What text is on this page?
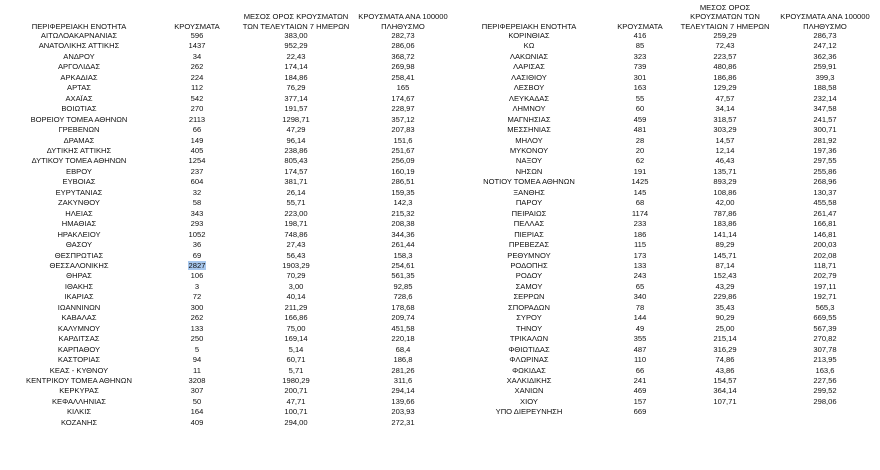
ΠΕΡΙΦΕΡΕΙΑΚΗ ΕΝΟΤΗΤΑ	ΚΡΟΥΣΜΑΤΑ	ΜΕΣΟΣ ΟΡΟΣ ΚΡΟΥΣΜΑΤΩΝ ΤΩΝ ΤΕΛΕΥΤΑΙΩΝ 7 ΗΜΕΡΩΝ	ΚΡΟΥΣΜΑΤΑ ΑΝΑ 100000 ΠΛΗΘΥΣΜΟ	ΠΕΡΙΦΕΡΕΙΑΚΗ ΕΝΟΤΗΤΑ	ΚΡΟΥΣΜΑΤΑ	ΜΕΣΟΣ ΟΡΟΣ ΚΡΟΥΣΜΑΤΩΝ ΤΩΝ ΤΕΛΕΥΤΑΙΩΝ 7 ΗΜΕΡΩΝ	ΚΡΟΥΣΜΑΤΑ ΑΝΑ 100000 ΠΛΗΘΥΣΜΟ
ΑΙΤΩΛΟΑΚΑΡΝΑΝΙΑΣ	596	383,00	282,73	ΚΟΡΙΝΘΙΑΣ	416	259,29	286,73
ΑΝΑΤΟΛΙΚΗΣ ΑΤΤΙΚΗΣ	1437	952,29	286,06	ΚΩ	85	72,43	247,12
ΑΝΔΡΟΥ	34	22,43	368,72	ΛΑΚΩΝΙΑΣ	323	223,57	362,36
ΑΡΓΟΛΙΔΑΣ	262	174,14	269,98	ΛΑΡΙΣΑΣ	739	480,86	259,91
ΑΡΚΑΔΙΑΣ	224	184,86	258,41	ΛΑΣΙΘΙΟΥ	301	186,86	399,3
ΑΡΤΑΣ	112	76,29	165	ΛΕΣΒΟΥ	163	129,29	188,58
ΑΧΑΪΑΣ	542	377,14	174,67	ΛΕΥΚΑΔΑΣ	55	47,57	232,14
ΒΟΙΩΤΙΑΣ	270	191,57	228,97	ΛΗΜΝΟΥ	60	34,14	347,58
ΒΟΡΕΙΟΥ ΤΟΜΕΑ ΑΘΗΝΩΝ	2113	1298,71	357,12	ΜΑΓΝΗΣΙΑΣ	459	318,57	241,57
ΓΡΕΒΕΝΩΝ	66	47,29	207,83	ΜΕΣΣΗΝΙΑΣ	481	303,29	300,71
ΔΡΑΜΑΣ	149	96,14	151,6	ΜΗΛΟΥ	28	14,57	281,92
ΔΥΤΙΚΗΣ ΑΤΤΙΚΗΣ	405	238,86	251,67	ΜΥΚΟΝΟΥ	20	12,14	197,36
ΔΥΤΙΚΟΥ ΤΟΜΕΑ ΑΘΗΝΩΝ	1254	805,43	256,09	ΝΑΞΟΥ	62	46,43	297,55
ΕΒΡΟΥ	237	174,57	160,19	ΝΗΣΩΝ	191	135,71	255,86
ΕΥΒΟΙΑΣ	604	381,71	286,51	ΝΟΤΙΟΥ ΤΟΜΕΑ ΑΘΗΝΩΝ	1425	893,29	268,96
ΕΥΡΥΤΑΝΙΑΣ	32	26,14	159,35	ΞΑΝΘΗΣ	145	108,86	130,37
ΖΑΚΥΝΘΟΥ	58	55,71	142,3	ΠΑΡΟΥ	68	42,00	455,58
ΗΛΕΙΑΣ	343	223,00	215,32	ΠΕΙΡΑΙΩΣ	1174	787,86	261,47
ΗΜΑΘΙΑΣ	293	198,71	208,38	ΠΕΛΛΑΣ	233	183,86	166,81
ΗΡΑΚΛΕΙΟΥ	1052	748,86	344,36	ΠΙΕΡΙΑΣ	186	141,14	146,81
ΘΑΣΟΥ	36	27,43	261,44	ΠΡΕΒΕΖΑΣ	115	89,29	200,03
ΘΕΣΠΡΩΤΙΑΣ	69	56,43	158,3	ΡΕΘΥΜΝΟΥ	173	145,71	202,08
ΘΕΣΣΑΛΟΝΙΚΗΣ	2827	1903,29	254,61	ΡΟΔΟΠΗΣ	133	87,14	118,71
ΘΗΡΑΣ	106	70,29	561,35	ΡΟΔΟΥ	243	152,43	202,79
ΙΘΑΚΗΣ	3	3,00	92,85	ΣΑΜΟΥ	65	43,29	197,11
ΙΚΑΡΙΑΣ	72	40,14	728,6	ΣΕΡΡΩΝ	340	229,86	192,71
ΙΩΑΝΝΙΝΩΝ	300	211,29	178,68	ΣΠΟΡΑΔΩΝ	78	35,43	565,3
ΚΑΒΑΛΑΣ	262	166,86	209,74	ΣΥΡΟΥ	144	90,29	669,55
ΚΑΛΥΜΝΟΥ	133	75,00	451,58	ΤΗΝΟΥ	49	25,00	567,39
ΚΑΡΔΙΤΣΑΣ	250	169,14	220,18	ΤΡΙΚΑΛΩΝ	355	215,14	270,82
ΚΑΡΠΑΘΟΥ	5	5,14	68,4	ΦΘΙΩΤΙΔΑΣ	487	316,29	307,78
ΚΑΣΤΟΡΙΑΣ	94	60,71	186,8	ΦΛΩΡΙΝΑΣ	110	74,86	213,95
ΚΕΑΣ - ΚΥΘΝΟΥ	11	5,71	281,26	ΦΩΚΙΔΑΣ	66	43,86	163,6
ΚΕΝΤΡΙΚΟΥ ΤΟΜΕΑ ΑΘΗΝΩΝ	3208	1980,29	311,6	ΧΑΛΚΙΔΙΚΗΣ	241	154,57	227,56
ΚΕΡΚΥΡΑΣ	307	200,71	294,14	ΧΑΝΙΩΝ	469	364,14	299,52
ΚΕΦΑΛΛΗΝΙΑΣ	50	47,71	139,66	ΧΙΟΥ	157	107,71	298,06
ΚΙΛΚΙΣ	164	100,71	203,93	ΥΠΟ ΔΙΕΡΕΥΝΗΣΗ	669		
ΚΟΖΑΝΗΣ	409	294,00	272,31				
